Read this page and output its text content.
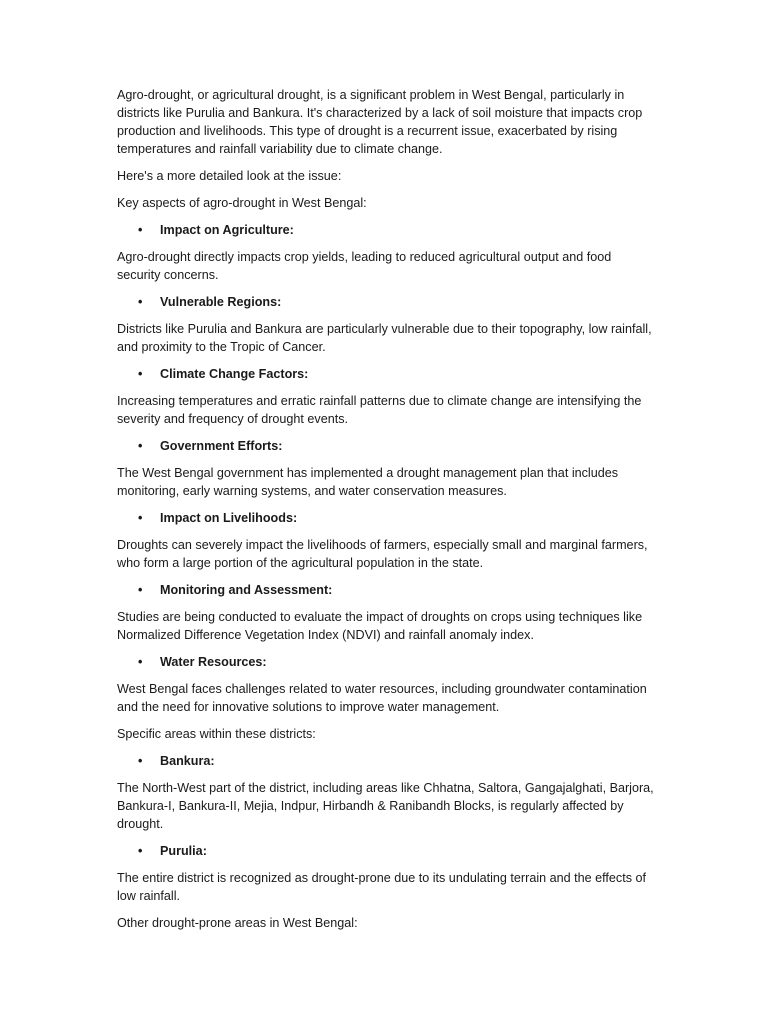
Agro-drought, or agricultural drought, is a significant problem in West Bengal, particularly in districts like Purulia and Bankura. It's characterized by a lack of soil moisture that impacts crop production and livelihoods. This type of drought is a recurrent issue, exacerbated by rising temperatures and rainfall variability due to climate change.

Here's a more detailed look at the issue:

Key aspects of agro-drought in West Bengal:

• Impact on Agriculture:

Agro-drought directly impacts crop yields, leading to reduced agricultural output and food security concerns.

• Vulnerable Regions:

Districts like Purulia and Bankura are particularly vulnerable due to their topography, low rainfall, and proximity to the Tropic of Cancer.

• Climate Change Factors:

Increasing temperatures and erratic rainfall patterns due to climate change are intensifying the severity and frequency of drought events.

• Government Efforts:

The West Bengal government has implemented a drought management plan that includes monitoring, early warning systems, and water conservation measures.

• Impact on Livelihoods:

Droughts can severely impact the livelihoods of farmers, especially small and marginal farmers, who form a large portion of the agricultural population in the state.

• Monitoring and Assessment:

Studies are being conducted to evaluate the impact of droughts on crops using techniques like Normalized Difference Vegetation Index (NDVI) and rainfall anomaly index.

• Water Resources:

West Bengal faces challenges related to water resources, including groundwater contamination and the need for innovative solutions to improve water management.

Specific areas within these districts:

• Bankura:

The North-West part of the district, including areas like Chhatna, Saltora, Gangajalghati, Barjora, Bankura-I, Bankura-II, Mejia, Indpur, Hirbandh & Ranibandh Blocks, is regularly affected by drought.

• Purulia:

The entire district is recognized as drought-prone due to its undulating terrain and the effects of low rainfall.

Other drought-prone areas in West Bengal:
